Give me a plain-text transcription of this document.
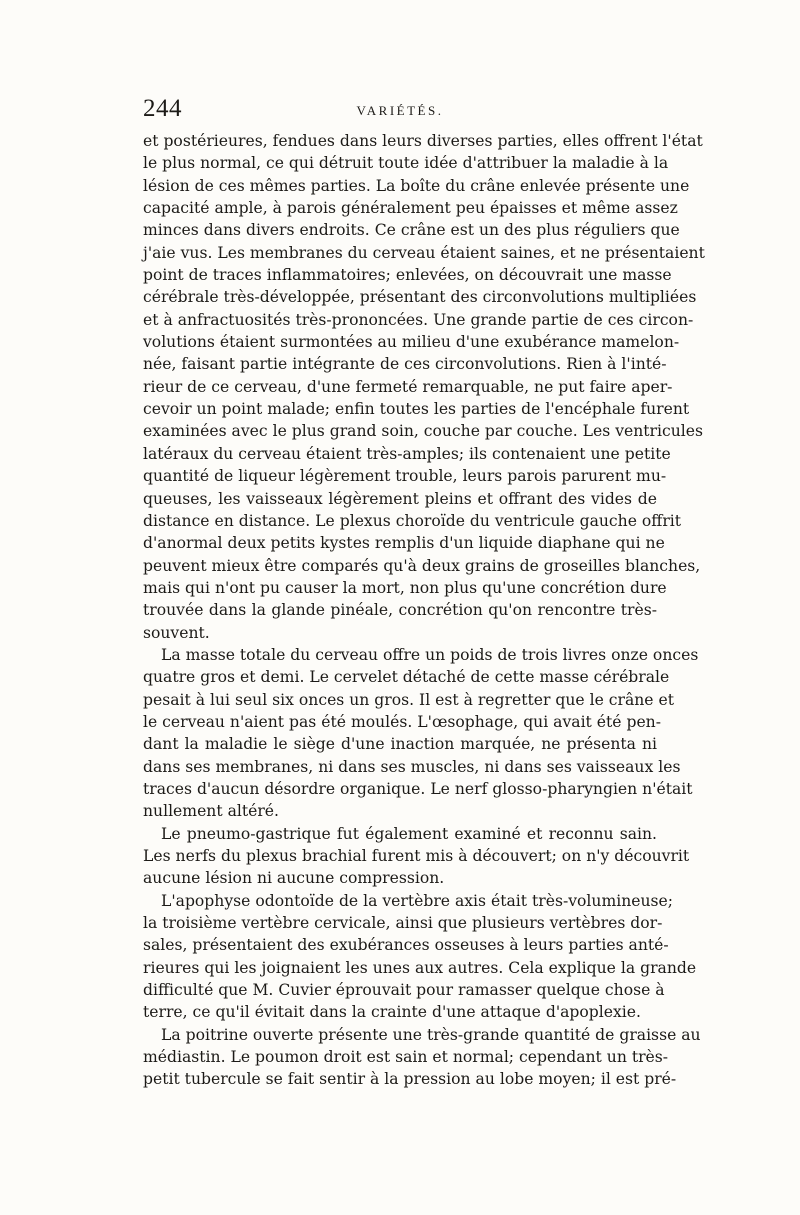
244	VARIÉTÉS.
et postérieures, fendues dans leurs diverses parties, elles offrent l'état
le plus normal, ce qui détruit toute idée d'attribuer la maladie à la
lésion de ces mêmes parties. La boîte du crâne enlevée présente une
capacité ample, à parois généralement peu épaisses et même assez
minces dans divers endroits. Ce crâne est un des plus réguliers que
j'aie vus. Les membranes du cerveau étaient saines, et ne présentaient
point de traces inflammatoires; enlevées, on découvrait une masse
cérébrale très-développée, présentant des circonvolutions multipliées
et à anfractuosités très-prononcées. Une grande partie de ces circon-
volutions étaient surmontées au milieu d'une exubérance mamelon-
née, faisant partie intégrante de ces circonvolutions. Rien à l'inté-
rieur de ce cerveau, d'une fermeté remarquable, ne put faire aper-
cevoir un point malade; enfin toutes les parties de l'encéphale furent
examinées avec le plus grand soin, couche par couche. Les ventricules
latéraux du cerveau étaient très-amples; ils contenaient une petite
quantité de liqueur légèrement trouble, leurs parois parurent mu-
queuses, les vaisseaux légèrement pleins et offrant des vides de
distance en distance. Le plexus choroïde du ventricule gauche offrit
d'anormal deux petits kystes remplis d'un liquide diaphane qui ne
peuvent mieux être comparés qu'à deux grains de groseilles blanches,
mais qui n'ont pu causer la mort, non plus qu'une concrétion dure
trouvée dans la glande pinéale, concrétion qu'on rencontre très-
souvent.
La masse totale du cerveau offre un poids de trois livres onze onces
quatre gros et demi. Le cervelet détaché de cette masse cérébrale
pesait à lui seul six onces un gros. Il est à regretter que le crâne et
le cerveau n'aient pas été moulés. L'œsophage, qui avait été pen-
dant la maladie le siège d'une inaction marquée, ne présenta ni
dans ses membranes, ni dans ses muscles, ni dans ses vaisseaux les
traces d'aucun désordre organique. Le nerf glosso-pharyngien n'était
nullement altéré.
Le pneumo-gastrique fut également examiné et reconnu sain.
Les nerfs du plexus brachial furent mis à découvert; on n'y découvrit
aucune lésion ni aucune compression.
L'apophyse odontoïde de la vertèbre axis était très-volumineuse;
la troisième vertèbre cervicale, ainsi que plusieurs vertèbres dor-
sales, présentaient des exubérances osseuses à leurs parties anté-
rieures qui les joignaient les unes aux autres. Cela explique la grande
difficulté que M. Cuvier éprouvait pour ramasser quelque chose à
terre, ce qu'il évitait dans la crainte d'une attaque d'apoplexie.
La poitrine ouverte présente une très-grande quantité de graisse au
médiastin. Le poumon droit est sain et normal; cependant un très-
petit tubercule se fait sentir à la pression au lobe moyen; il est pré-
